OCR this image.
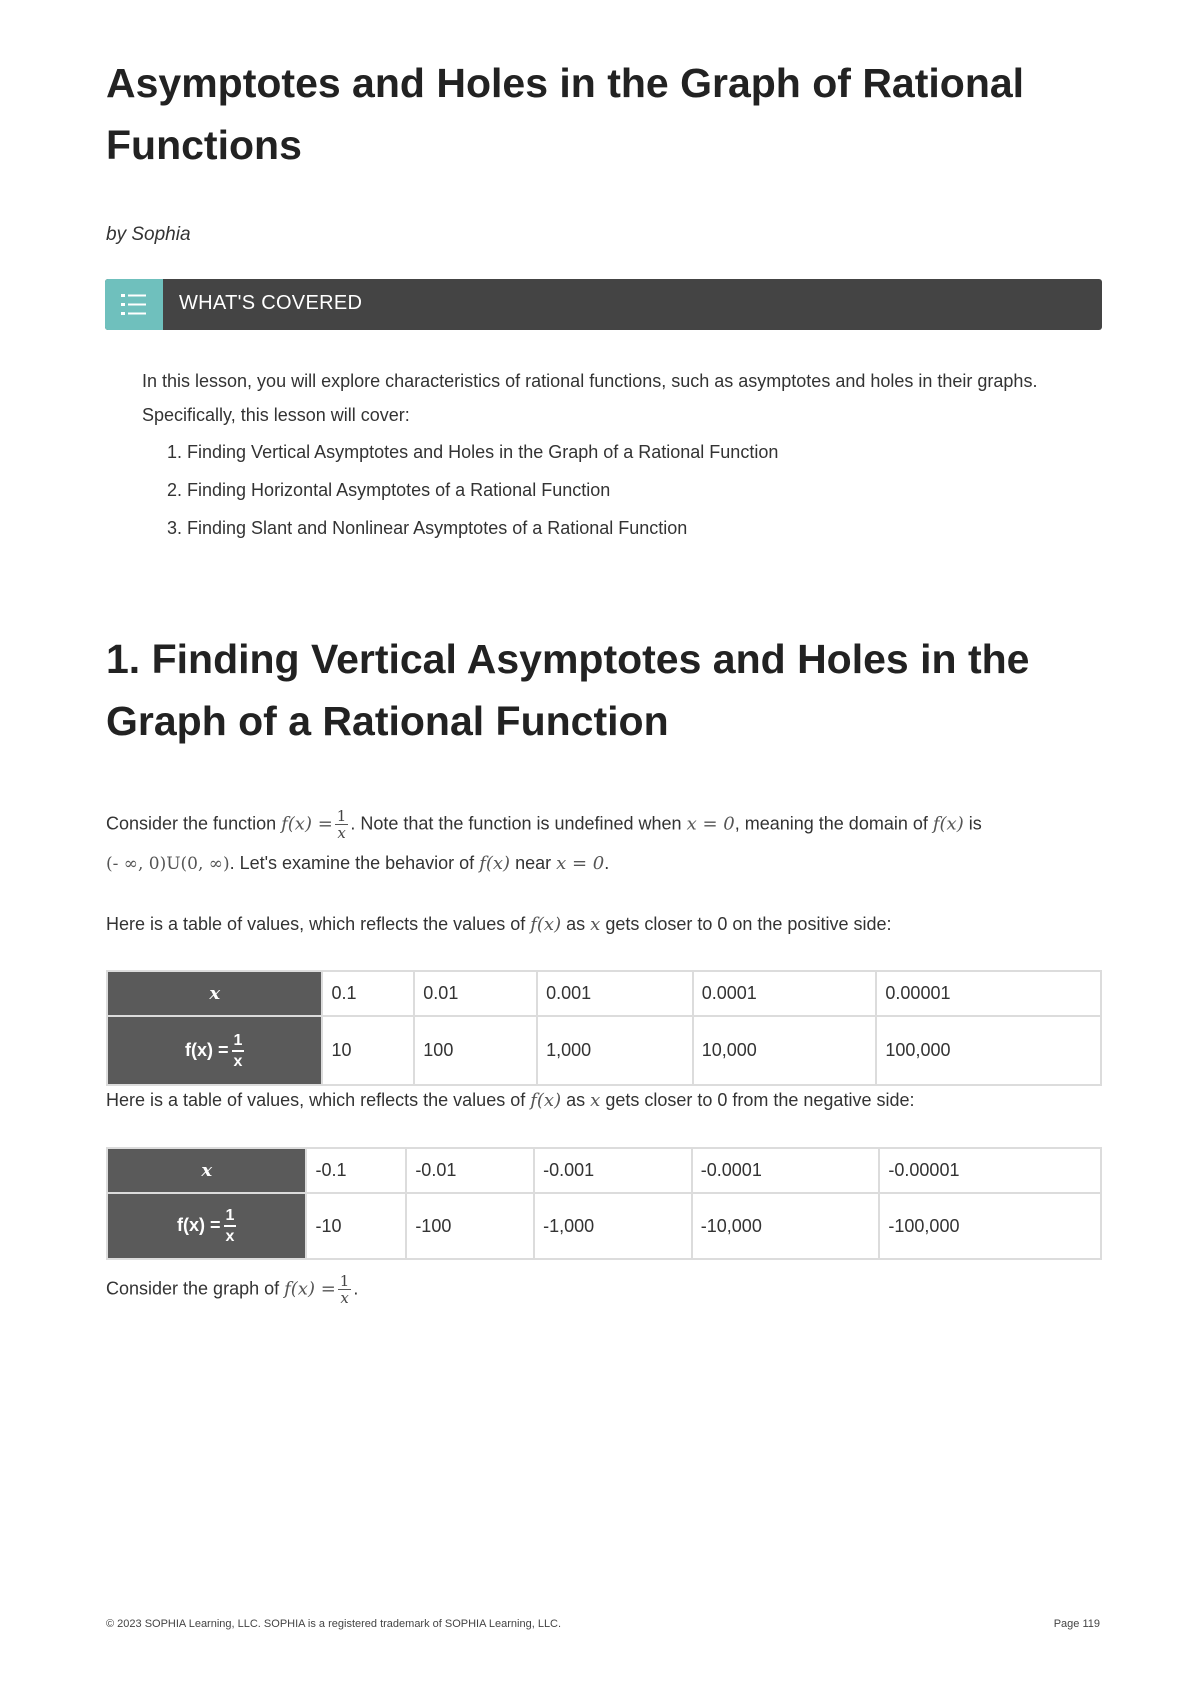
Asymptotes and Holes in the Graph of Rational Functions
by Sophia
WHAT'S COVERED

In this lesson, you will explore characteristics of rational functions, such as asymptotes and holes in their graphs. Specifically, this lesson will cover:

1. Finding Vertical Asymptotes and Holes in the Graph of a Rational Function
2. Finding Horizontal Asymptotes of a Rational Function
3. Finding Slant and Nonlinear Asymptotes of a Rational Function
1. Finding Vertical Asymptotes and Holes in the Graph of a Rational Function
Consider the function $f(x) = \frac{1}{x}$ . Note that the function is undefined when x = 0, meaning the domain of f(x) is
(- ∞, 0)U(0, ∞). Let's examine the behavior of f(x) near x = 0.
Here is a table of values, which reflects the values of f(x) as x gets closer to 0 on the positive side:
x	0.1	0.01	0.001	0.0001	0.00001
$f(x) = \frac{1}{x}$	10	100	1,000	10,000	100,000
Here is a table of values, which reflects the values of f(x) as x gets closer to 0 from the negative side:
x	-0.1	-0.01	-0.001	-0.0001	-0.00001
$f(x) = \frac{1}{x}$	-10	-100	-1,000	-10,000	-100,000
Consider the graph of $f(x) = \frac{1}{x}$ .
© 2023 SOPHIA Learning, LLC. SOPHIA is a registered trademark of SOPHIA Learning, LLC.	Page 119
